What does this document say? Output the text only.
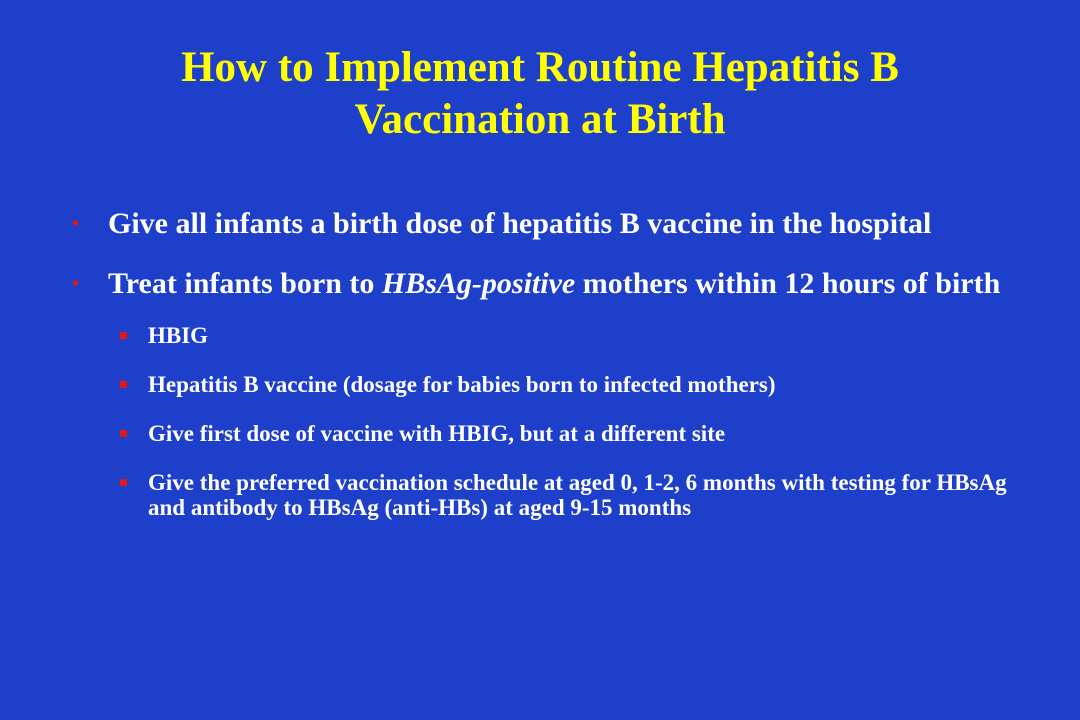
How to Implement Routine Hepatitis B
Vaccination at Birth
• Give all infants a birth dose of hepatitis B vaccine in the hospital
• Treat infants born to HBsAg-positive mothers within 12 hours of birth
HBIG
Hepatitis B vaccine (dosage for babies born to infected mothers)
Give first dose of vaccine with HBIG, but at a different site
Give the preferred vaccination schedule at aged 0, 1-2, 6 months with testing for HBsAg and antibody to HBsAg (anti-HBs) at aged 9-15 months
